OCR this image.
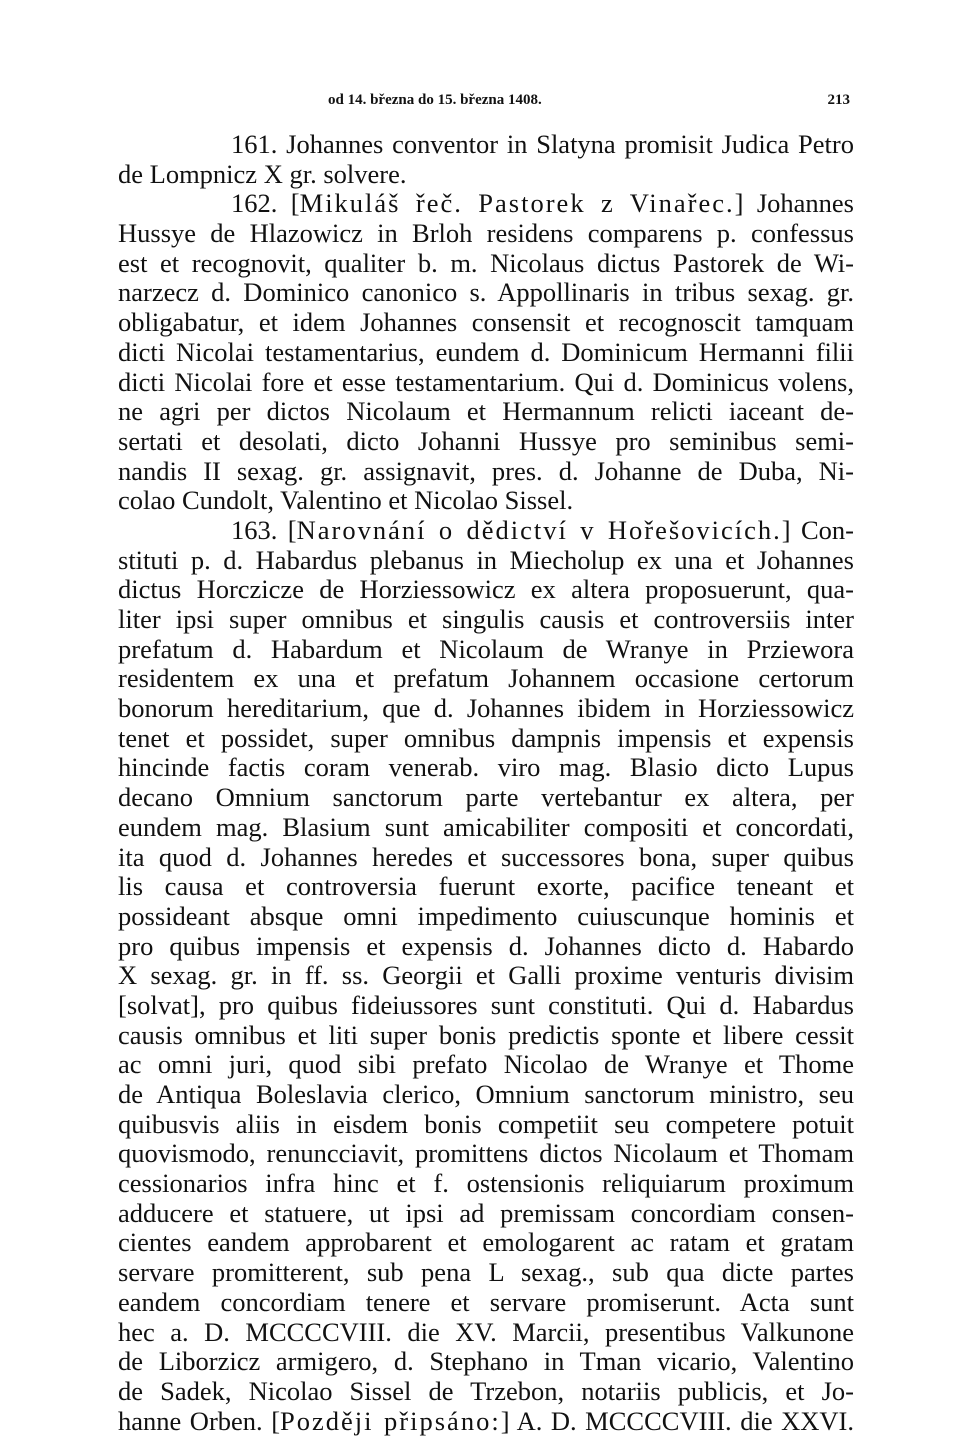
od 14. března do 15. března 1408.	213
161. Johannes conventor in Slatyna promisit Judica Petro
de Lompnicz X gr. solvere.
162. [Mikuláš řeč. Pastorek z Vinařec.] Johannes
Hussye de Hlazowicz in Brloh residens comparens p. confessus
est et recognovit, qualiter b. m. Nicolaus dictus Pastorek de Wi-
narzecz d. Dominico canonico s. Appollinaris in tribus sexag. gr.
obligabatur, et idem Johannes consensit et recognoscit tamquam
dicti Nicolai testamentarius, eundem d. Dominicum Hermanni filii
dicti Nicolai fore et esse testamentarium. Qui d. Dominicus volens,
ne agri per dictos Nicolaum et Hermannum relicti iaceant de-
sertati et desolati, dicto Johanni Hussye pro seminibus semi-
nandis II sexag. gr. assignavit, pres. d. Johanne de Duba, Ni-
colao Cundolt, Valentino et Nicolao Sissel.
163. [Narovnání o dědictví v Hořešovicích.] Con-
stituti p. d. Habardus plebanus in Miecholup ex una et Johannes
dictus Horczicze de Horziessowicz ex altera proposuerunt, qua-
liter ipsi super omnibus et singulis causis et controversiis inter
prefatum d. Habardum et Nicolaum de Wranye in Prziewora
residentem ex una et prefatum Johannem occasione certorum
bonorum hereditarium, que d. Johannes ibidem in Horziessowicz
tenet et possidet, super omnibus dampnis impensis et expensis
hincinde factis coram venerab. viro mag. Blasio dicto Lupus
decano Omnium sanctorum parte vertebantur ex altera, per
eundem mag. Blasium sunt amicabiliter compositi et concordati,
ita quod d. Johannes heredes et successores bona, super quibus
lis causa et controversia fuerunt exorte, pacifice teneant et
possideant absque omni impedimento cuiuscunque hominis et
pro quibus impensis et expensis d. Johannes dicto d. Habardo
X sexag. gr. in ff. ss. Georgii et Galli proxime venturis divisim
[solvat], pro quibus fideiussores sunt constituti. Qui d. Habardus
causis omnibus et liti super bonis predictis sponte et libere cessit
ac omni juri, quod sibi prefato Nicolao de Wranye et Thome
de Antiqua Boleslavia clerico, Omnium sanctorum ministro, seu
quibusvis aliis in eisdem bonis competiit seu competere potuit
quovismodo, renuncciavit, promittens dictos Nicolaum et Thomam
cessionarios infra hinc et f. ostensionis reliquiarum proximum
adducere et statuere, ut ipsi ad premissam concordiam consen-
cientes eandem approbarent et emologarent ac ratam et gratam
servare promitterent, sub pena L sexag., sub qua dicte partes
eandem concordiam tenere et servare promiserunt. Acta sunt
hec a. D. MCCCCVIII. die XV. Marcii, presentibus Valkunone
de Liborzicz armigero, d. Stephano in Tman vicario, Valentino
de Sadek, Nicolao Sissel de Trzebon, notariis publicis, et Jo-
hanne Orben. [Později připsáno:] A. D. MCCCCVIII. die XXVI.
